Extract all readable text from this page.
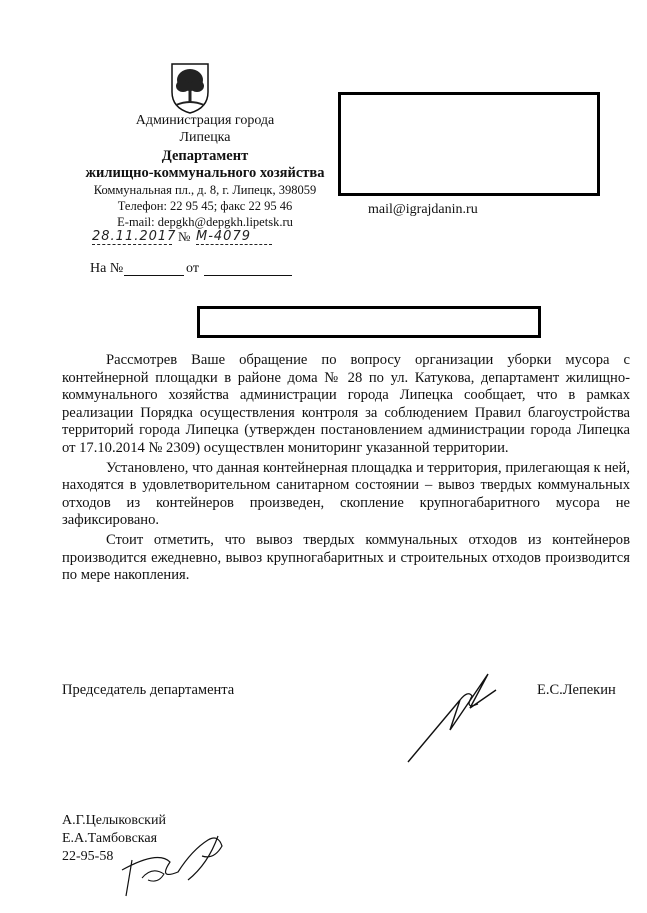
Администрация города
Липецка
Департамент
жилищно-коммунального хозяйства
Коммунальная пл., д. 8, г. Липецк, 398059
Телефон: 22 95 45; факс 22 95 46
E-mail: depgkh@depgkh.lipetsk.ru
28.11.2017 № М-4079
На №	от
mail@igrajdanin.ru

Рассмотрев Ваше обращение по вопросу организации уборки мусора с контейнерной площадки в районе дома № 28 по ул. Катукова, департамент жилищно-коммунального хозяйства администрации города Липецка сообщает, что в рамках реализации Порядка осуществления контроля за соблюдением Правил благоустройства территорий города Липецка (утвержден постановлением администрации города Липецка от 17.10.2014 № 2309) осуществлен мониторинг указанной территории.

Установлено, что данная контейнерная площадка и территория, прилегающая к ней, находятся в удовлетворительном санитарном состоянии – вывоз твердых коммунальных отходов из контейнеров произведен, скопление крупногабаритного мусора не зафиксировано.

Стоит отметить, что вывоз твердых коммунальных отходов из контейнеров производится ежедневно, вывоз крупногабаритных и строительных отходов производится по мере накопления.

Председатель департамента	Е.С.Лепекин
А.Г.Целыковский
Е.А.Тамбовская
22-95-58
